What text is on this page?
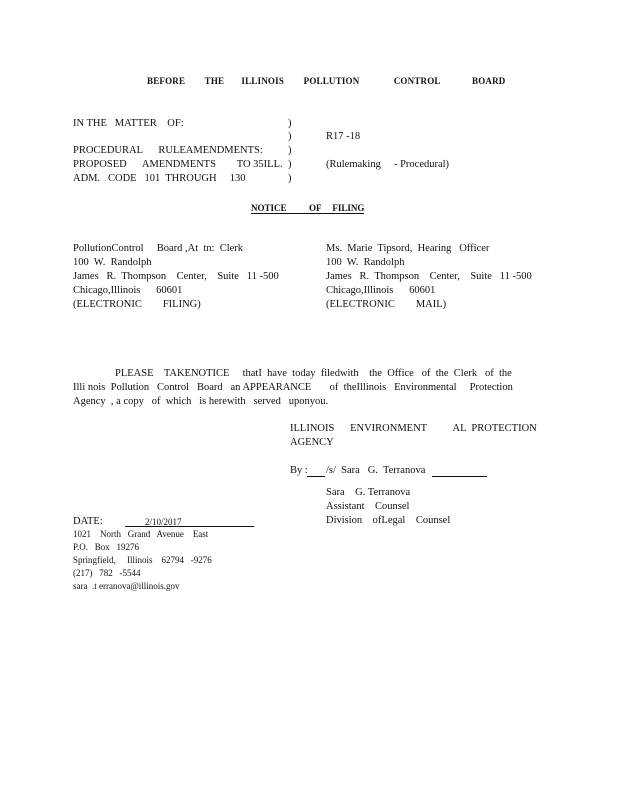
BEFORE        THE       ILLINOIS        POLLUTION              CONTROL             BOARD

IN THE   MATTER    OF:

PROCEDURAL      RULEAMENDMENTS:

PROPOSED      AMENDMENTS        TO 35ILL.

ADM.   CODE   101  THROUGH     130

)

)

)

)

)

R17 -18

(Rulemaking     - Procedural)

NOTICE          OF     FILING

PollutionControl     Board ,At  tn:  Clerk

100  W.  Randolph

James   R.  Thompson    Center,    Suite   11 -500

Chicago,Illinois      60601

(ELECTRONIC        FILING)

Ms.  Marie  Tipsord,  Hearing   Officer

100  W.  Randolph

James   R.  Thompson    Center,    Suite   11 -500

Chicago,Illinois      60601

(ELECTRONIC        MAIL)

PLEASE    TAKENOTICE     thatI  have  today  filedwith    the  Office   of  the  Clerk   of  the

Illi nois  Pollution   Control   Board   an APPEARANCE       of  theIllinois   Environmental     Protection

Agency  , a copy   of  which   is herewith   served   uponyou.

ILLINOIS      ENVIRONMENT          AL  PROTECTION

AGENCY

By : /s/  Sara   G.  Terranova

Sara    G. Terranova

Assistant    Counsel

Division    ofLegal    Counsel

DATE:	2/10/2017

1021    North   Grand   Avenue    East

P.O.   Box   19276

Springfield,     Illinois    62794   -9276

(217)   782   -5544

sara  .t erranova@illinois.gov
